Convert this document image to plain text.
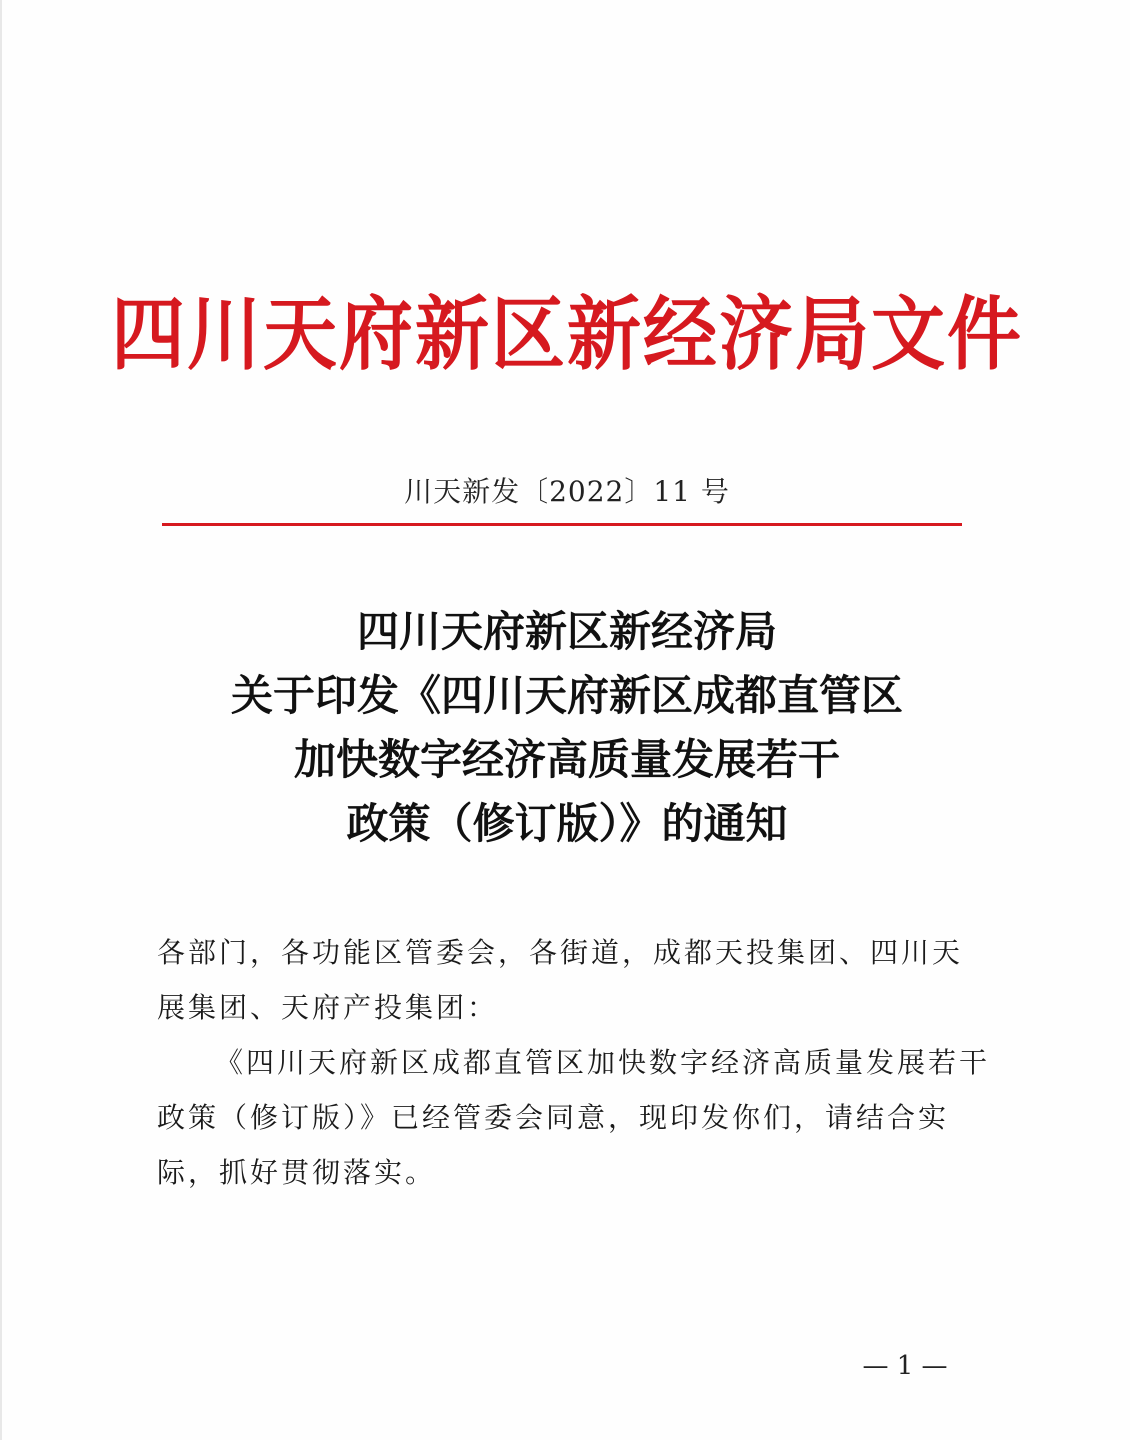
四川天府新区新经济局文件
川天新发〔2022〕11 号
四川天府新区新经济局
关于印发《四川天府新区成都直管区
加快数字经济高质量发展若干
政策（修订版）》的通知

各部门，各功能区管委会，各街道，成都天投集团、四川天展集团、天府产投集团：

《四川天府新区成都直管区加快数字经济高质量发展若干政策（修订版）》已经管委会同意，现印发你们，请结合实际，抓好贯彻落实。

— 1 —
